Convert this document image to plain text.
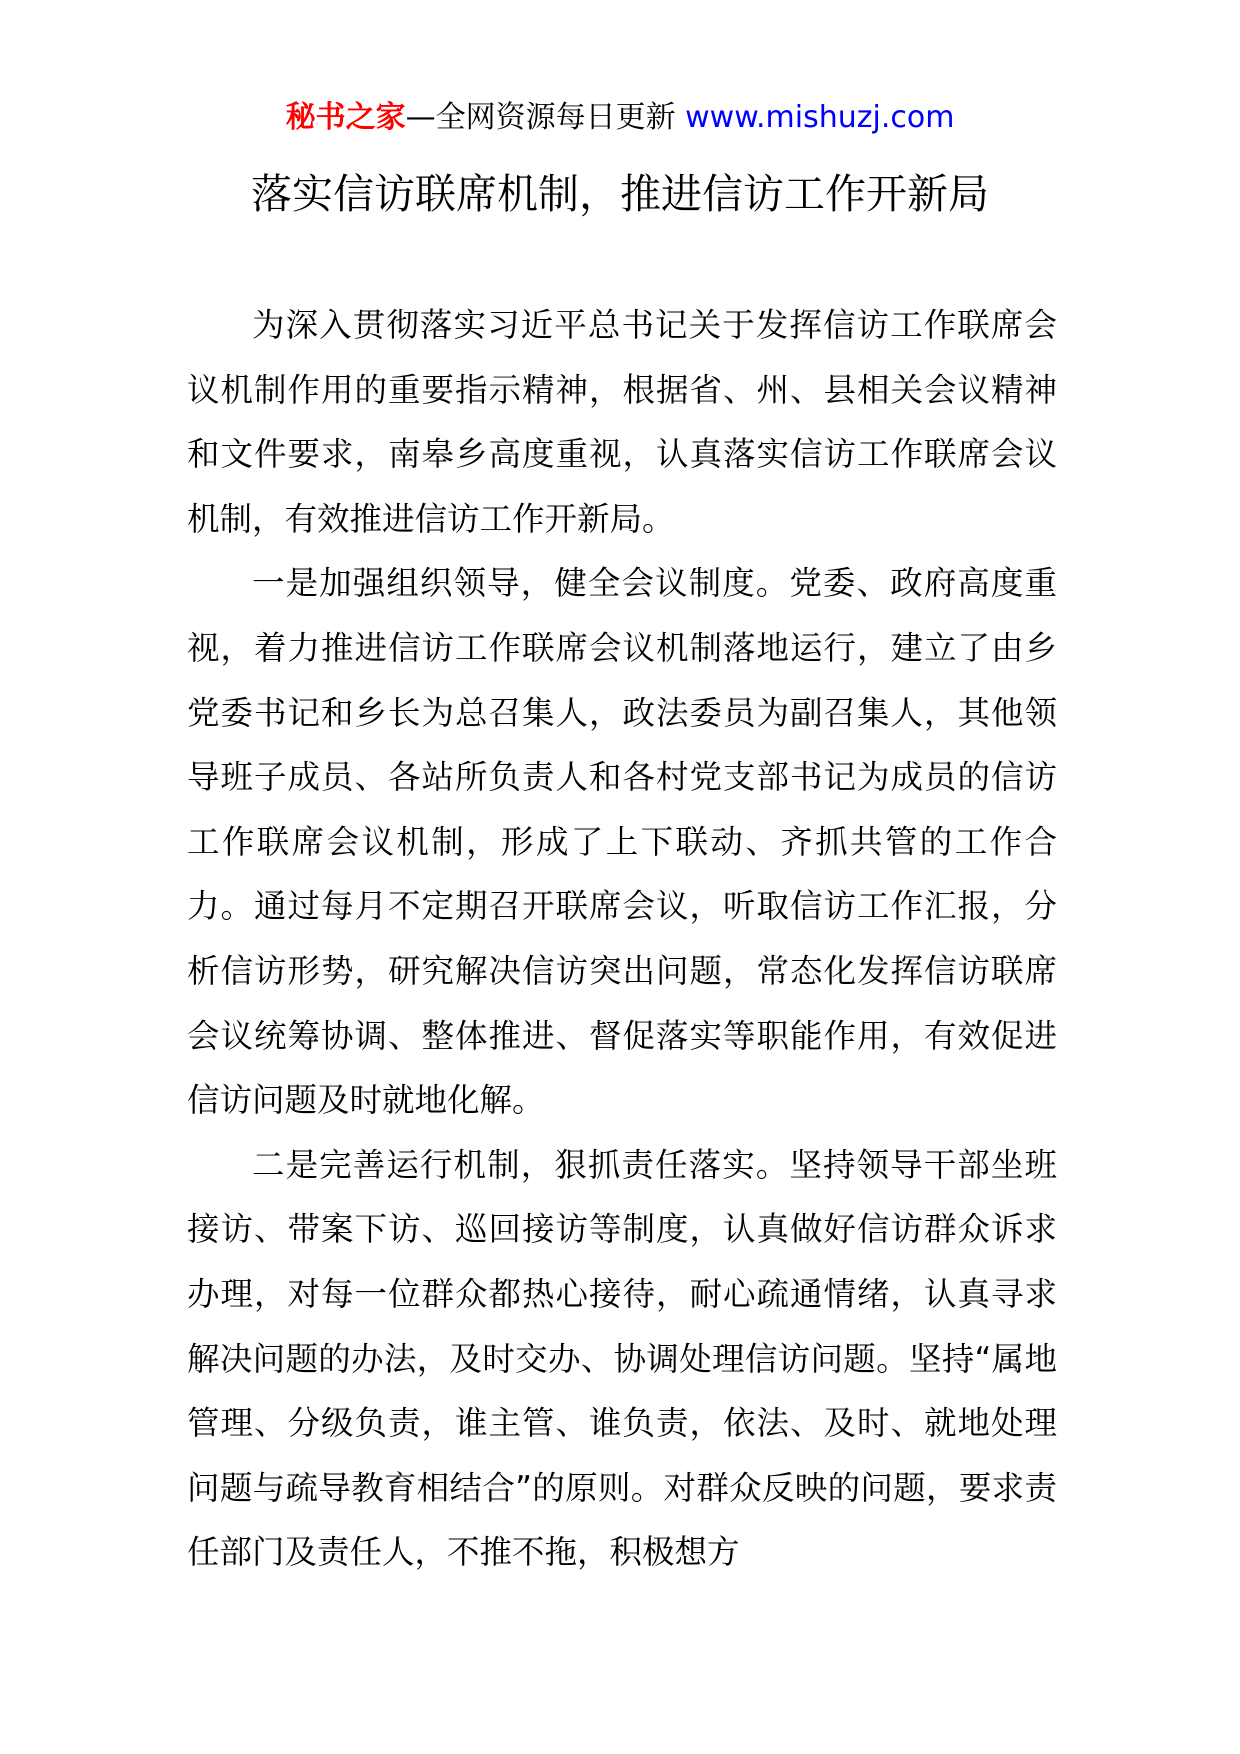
秘书之家—全网资源每日更新 www.mishuzj.com
落实信访联席机制，推进信访工作开新局

为深入贯彻落实习近平总书记关于发挥信访工作联席会议机制作用的重要指示精神，根据省、州、县相关会议精神和文件要求，南皋乡高度重视，认真落实信访工作联席会议机制，有效推进信访工作开新局。

一是加强组织领导，健全会议制度。党委、政府高度重视，着力推进信访工作联席会议机制落地运行，建立了由乡党委书记和乡长为总召集人，政法委员为副召集人，其他领导班子成员、各站所负责人和各村党支部书记为成员的信访工作联席会议机制，形成了上下联动、齐抓共管的工作合力。通过每月不定期召开联席会议，听取信访工作汇报，分析信访形势，研究解决信访突出问题，常态化发挥信访联席会议统筹协调、整体推进、督促落实等职能作用，有效促进信访问题及时就地化解。

二是完善运行机制，狠抓责任落实。坚持领导干部坐班接访、带案下访、巡回接访等制度，认真做好信访群众诉求办理，对每一位群众都热心接待，耐心疏通情绪，认真寻求解决问题的办法，及时交办、协调处理信访问题。坚持“属地管理、分级负责，谁主管、谁负责，依法、及时、就地处理问题与疏导教育相结合”的原则。对群众反映的问题，要求责任部门及责任人，不推不拖，积极想方
